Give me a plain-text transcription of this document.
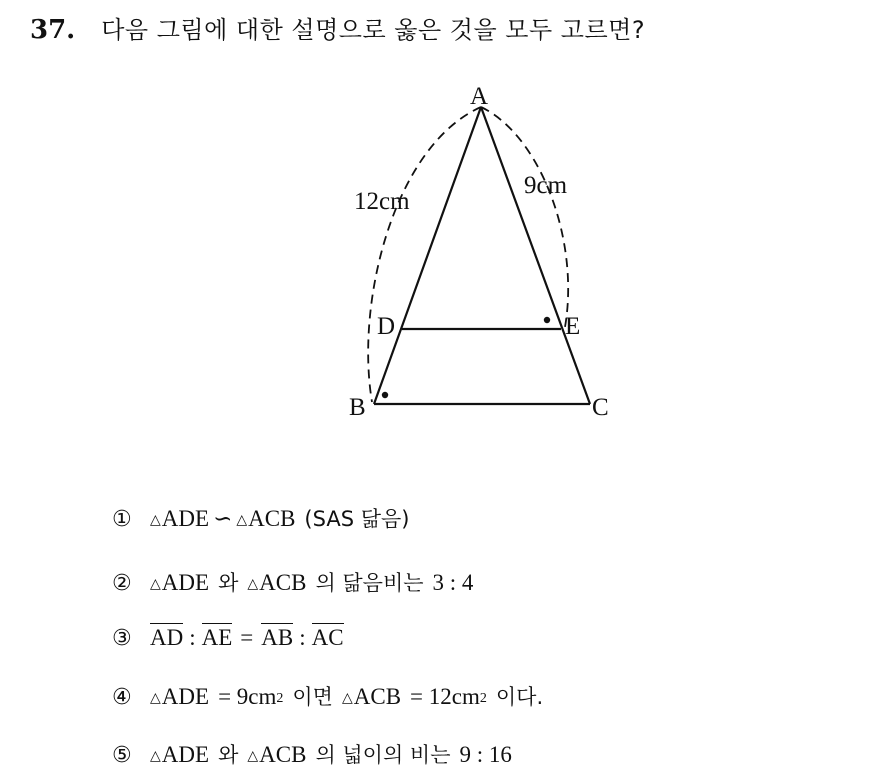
37. 다음 그림에 대한 설명으로 옳은 것을 모두 고르면?
A
B	C
D	E
12cm
9cm
①	△ ADE ∽ △ ACB (SAS 닮음)
②	△ ADE 와 △ ACB 의 닮음비는 3 : 4
③ AD : AE = AB : AC
④	△ ADE = $9cm^2$ 이면 △ ACB = $12cm^2$ 이다.
⑤	△ ADE 와 △ ACB 의 넓이의 비는 9 : 16
